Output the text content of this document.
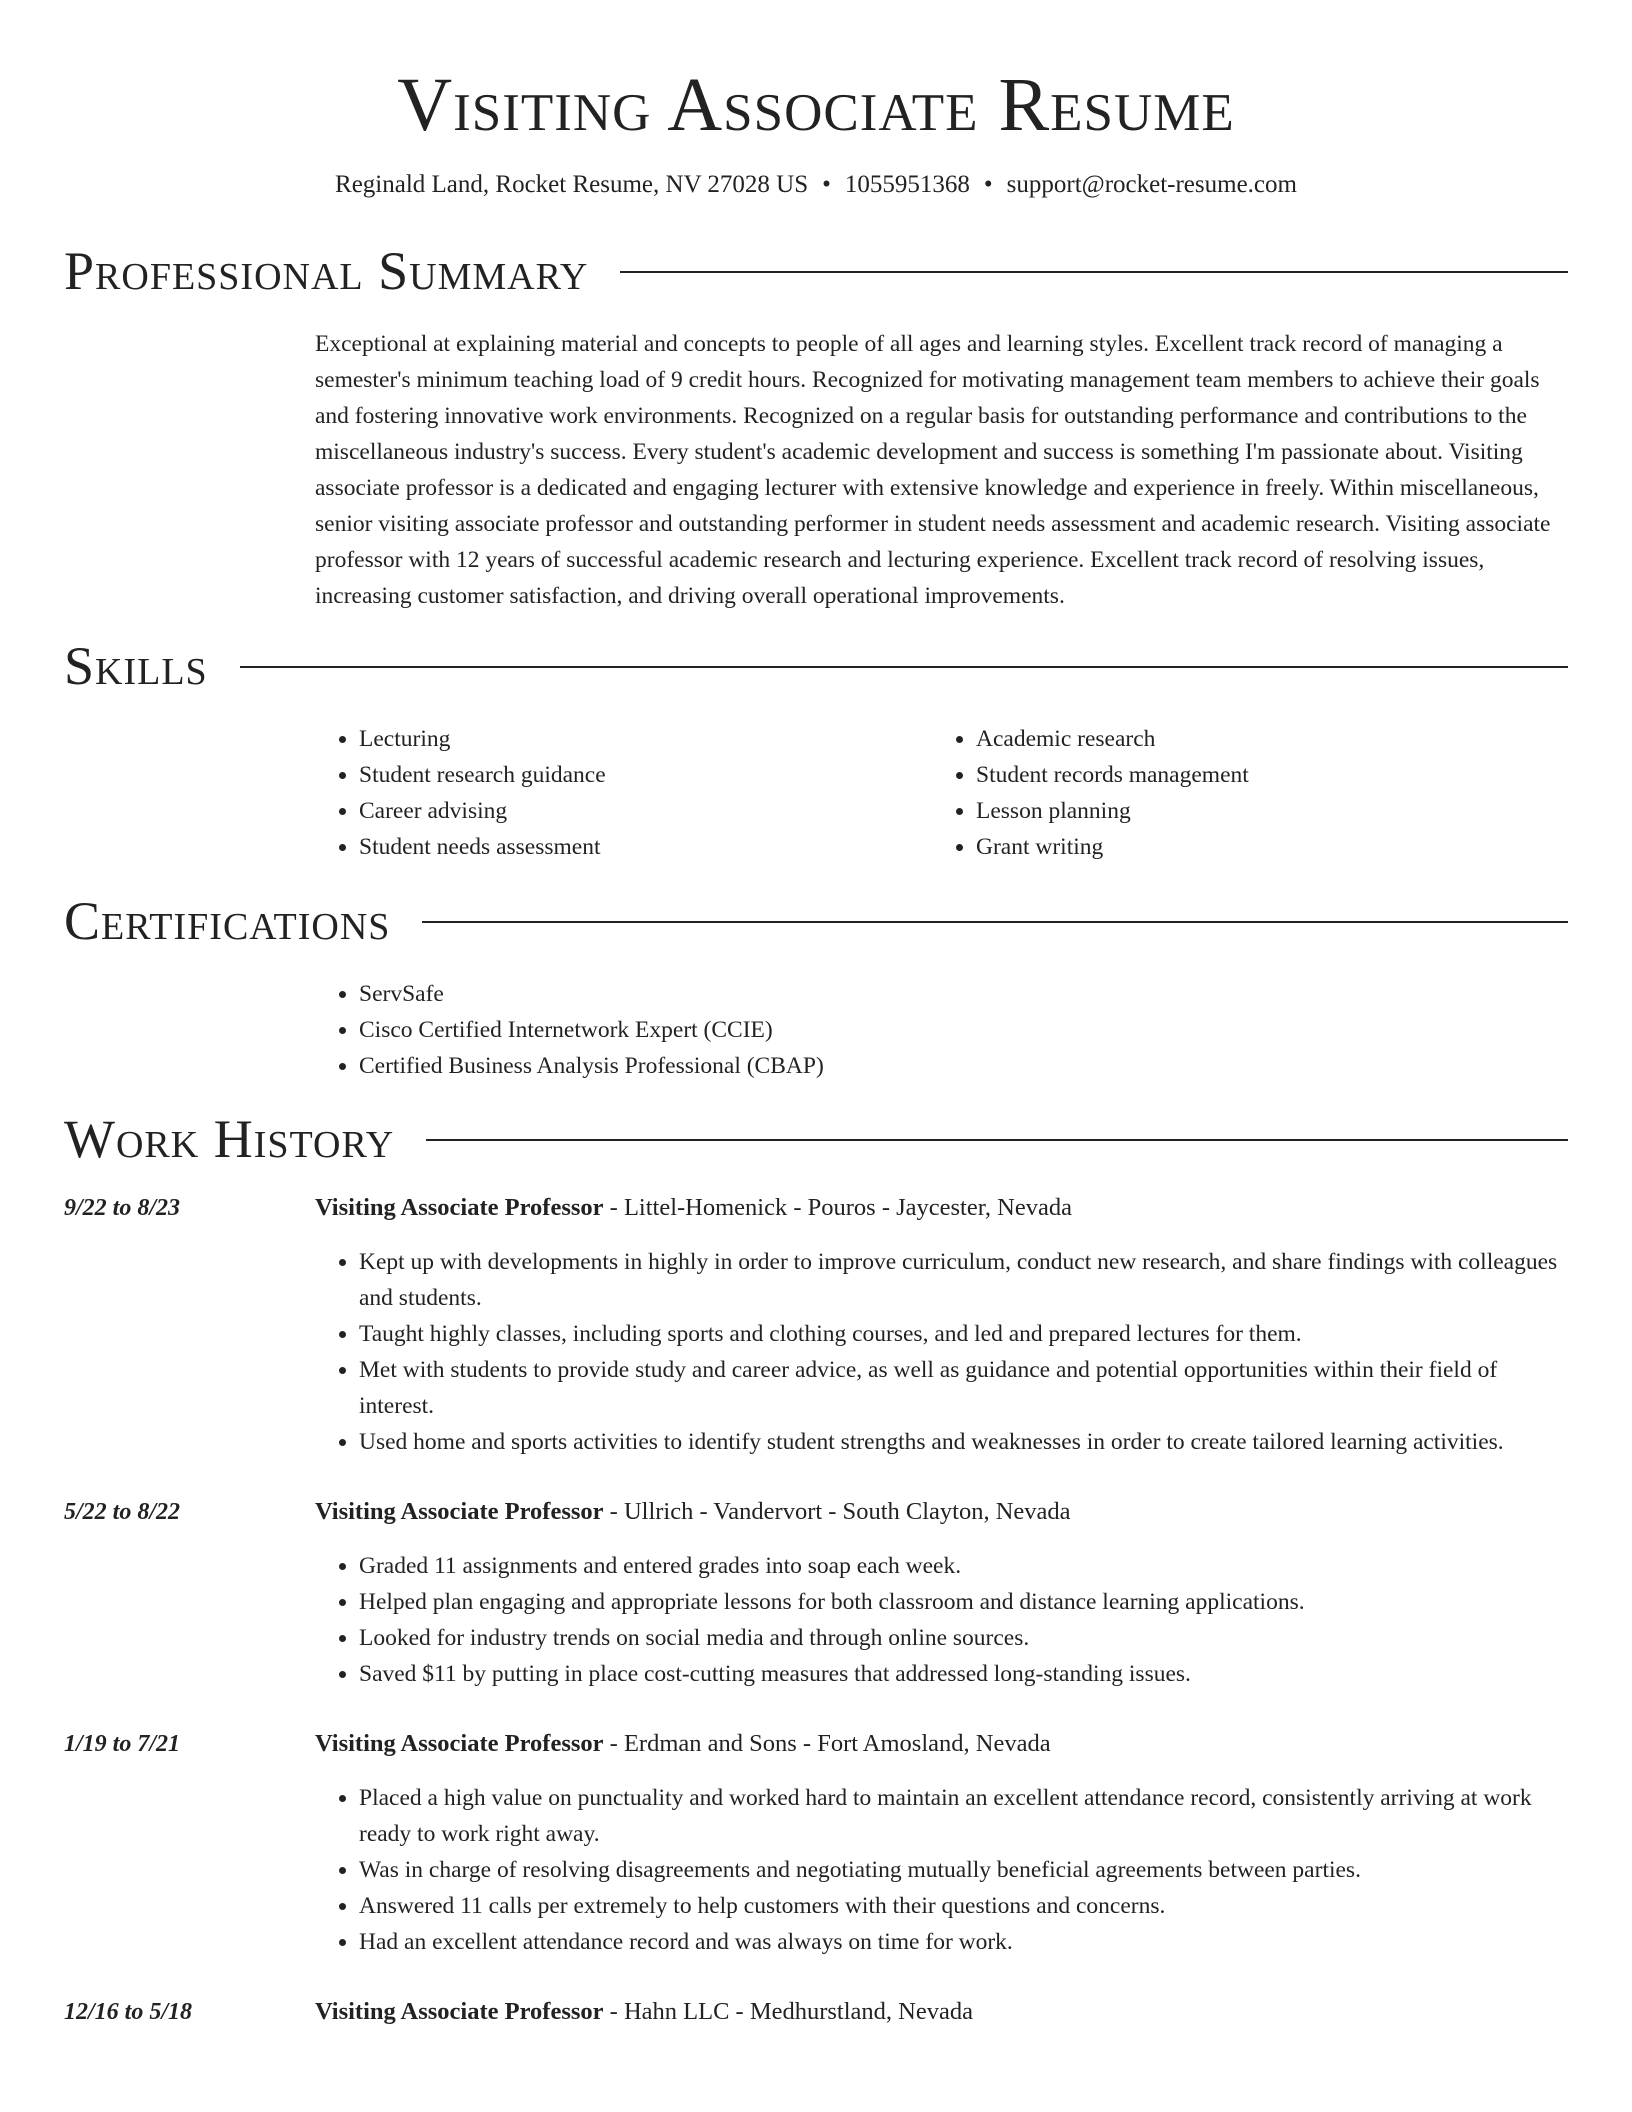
Visiting Associate Resume
Reginald Land, Rocket Resume, NV 27028 US • 1055951368 • support@rocket-resume.com
Professional Summary

Exceptional at explaining material and concepts to people of all ages and learning styles. Excellent track record of managing a semester's minimum teaching load of 9 credit hours. Recognized for motivating management team members to achieve their goals and fostering innovative work environments. Recognized on a regular basis for outstanding performance and contributions to the miscellaneous industry's success. Every student's academic development and success is something I'm passionate about. Visiting associate professor is a dedicated and engaging lecturer with extensive knowledge and experience in freely. Within miscellaneous, senior visiting associate professor and outstanding performer in student needs assessment and academic research. Visiting associate professor with 12 years of successful academic research and lecturing experience. Excellent track record of resolving issues, increasing customer satisfaction, and driving overall operational improvements.

Skills
• Lecturing
• Student research guidance
• Career advising
• Student needs assessment
• Academic research
• Student records management
• Lesson planning
• Grant writing
Certifications
• ServSafe
• Cisco Certified Internetwork Expert (CCIE)
• Certified Business Analysis Professional (CBAP)
Work History
9/22 to 8/23	Visiting Associate Professor - Littel-Homenick - Pouros - Jaycester, Nevada
• Kept up with developments in highly in order to improve curriculum, conduct new research, and share findings with colleagues and students.
• Taught highly classes, including sports and clothing courses, and led and prepared lectures for them.
• Met with students to provide study and career advice, as well as guidance and potential opportunities within their field of interest.
• Used home and sports activities to identify student strengths and weaknesses in order to create tailored learning activities.
5/22 to 8/22	Visiting Associate Professor - Ullrich - Vandervort - South Clayton, Nevada
• Graded 11 assignments and entered grades into soap each week.
• Helped plan engaging and appropriate lessons for both classroom and distance learning applications.
• Looked for industry trends on social media and through online sources.
• Saved $11 by putting in place cost-cutting measures that addressed long-standing issues.
1/19 to 7/21	Visiting Associate Professor - Erdman and Sons - Fort Amosland, Nevada
• Placed a high value on punctuality and worked hard to maintain an excellent attendance record, consistently arriving at work ready to work right away.
• Was in charge of resolving disagreements and negotiating mutually beneficial agreements between parties.
• Answered 11 calls per extremely to help customers with their questions and concerns.
• Had an excellent attendance record and was always on time for work.
12/16 to 5/18	Visiting Associate Professor - Hahn LLC - Medhurstland, Nevada
